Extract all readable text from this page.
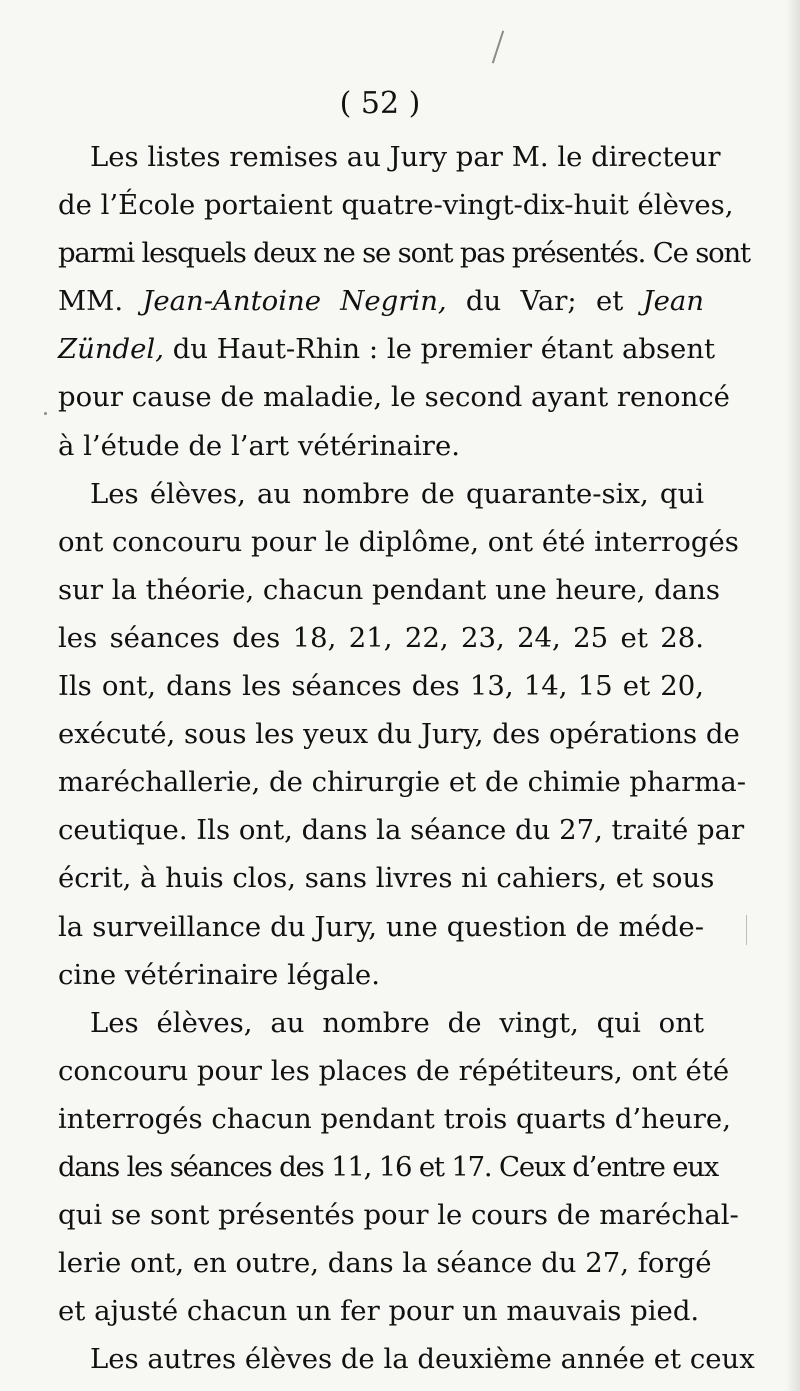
( 52 )
Les listes remises au Jury par M. le directeur
de l’École portaient quatre-vingt-dix-huit élèves,
parmi lesquels deux ne se sont pas présentés. Ce sont
MM. Jean-Antoine Negrin, du Var; et Jean
Zündel, du Haut-Rhin : le premier étant absent
pour cause de maladie, le second ayant renoncé
à l’étude de l’art vétérinaire.
Les élèves, au nombre de quarante-six, qui
ont concouru pour le diplôme, ont été interrogés
sur la théorie, chacun pendant une heure, dans
les séances des 18, 21, 22, 23, 24, 25 et 28.
Ils ont, dans les séances des 13, 14, 15 et 20,
exécuté, sous les yeux du Jury, des opérations de
maréchallerie, de chirurgie et de chimie pharma-
ceutique. Ils ont, dans la séance du 27, traité par
écrit, à huis clos, sans livres ni cahiers, et sous
la surveillance du Jury, une question de méde-
cine vétérinaire légale.
Les élèves, au nombre de vingt, qui ont
concouru pour les places de répétiteurs, ont été
interrogés chacun pendant trois quarts d’heure,
dans les séances des 11, 16 et 17. Ceux d’entre eux
qui se sont présentés pour le cours de maréchal-
lerie ont, en outre, dans la séance du 27, forgé
et ajusté chacun un fer pour un mauvais pied.
Les autres élèves de la deuxième année et ceux
